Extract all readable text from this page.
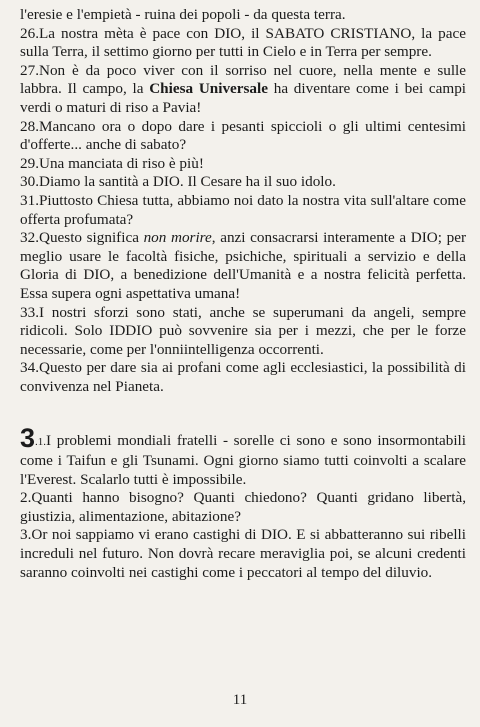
l'eresie e l'empietà - ruina dei popoli - da questa terra.

26.La nostra mèta è pace con DIO, il SABATO CRISTIANO, la pace sulla Terra, il settimo giorno per tutti in Cielo e in Terra per sempre.

27.Non è da poco viver con il sorriso nel cuore, nella mente e sulle labbra. Il campo, la Chiesa Universale ha diventare come i bei campi verdi o maturi di riso a Pavia!

28.Mancano ora o dopo dare i pesanti spiccioli o gli ultimi centesimi d'offerte... anche di sabato?

29.Una manciata di riso è più!

30.Diamo la santità a DIO. Il Cesare ha il suo idolo.

31.Piuttosto Chiesa tutta, abbiamo noi dato la nostra vita sull'altare come offerta profumata?

32.Questo significa non morire, anzi consacrarsi interamente a DIO; per meglio usare le facoltà fisiche, psichiche, spirituali a servizio e della Gloria di DIO, a benedizione dell'Umanità e a nostra felicità perfetta. Essa supera ogni aspettativa umana!

33.I nostri sforzi sono stati, anche se superumani da angeli, sempre ridicoli. Solo IDDIO può sovvenire sia per i mezzi, che per le forze necessarie, come per l'onniintelligenza occorrenti.

34.Questo per dare sia ai profani come agli ecclesiastici, la possibilità di convivenza nel Pianeta.

3.1.I problemi mondiali fratelli - sorelle ci sono e sono insormontabili come i Taifun e gli Tsunami. Ogni giorno siamo tutti coinvolti a scalare l'Everest. Scalarlo tutti è impossibile.

2.Quanti hanno bisogno? Quanti chiedono? Quanti gridano libertà, giustizia, alimentazione, abitazione?

3.Or noi sappiamo vi erano castighi di DIO. E si abbatteranno sui ribelli increduli nel futuro. Non dovrà recare meraviglia poi, se alcuni credenti saranno coinvolti nei castighi come i peccatori al tempo del diluvio.

11
